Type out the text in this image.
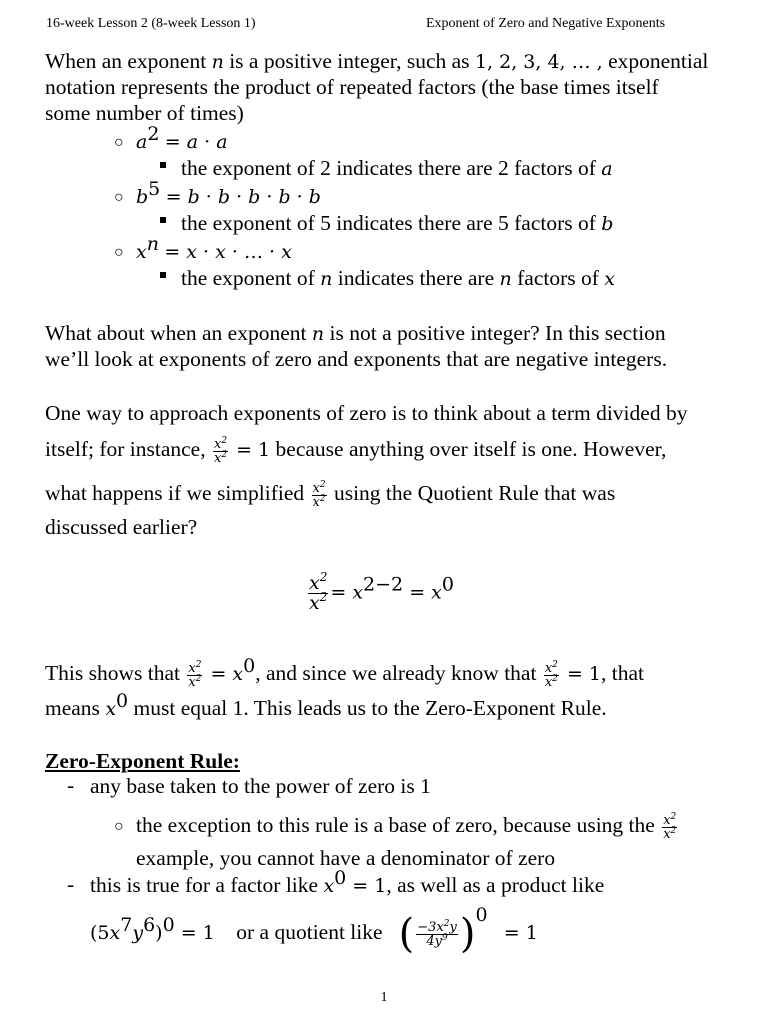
16-week Lesson 2 (8-week Lesson 1)	Exponent of Zero and Negative Exponents
When an exponent n is a positive integer, such as 1, 2, 3, 4, … , exponential
notation represents the product of repeated factors (the base times itself
some number of times)
○ $a^2 = a \cdot a$
the exponent of 2 indicates there are 2 factors of a
○ $b^5 = b \cdot b \cdot b \cdot b \cdot b$
the exponent of 5 indicates there are 5 factors of b
○ $x^n = x \cdot x$ · … · x
the exponent of n indicates there are n factors of x
What about when an exponent n is not a positive integer? In this section
we’ll look at exponents of zero and exponents that are negative integers.
One way to approach exponents of zero is to think about a term divided by
itself; for instance, $\frac{x^2}{x^2} = 1$ because anything over itself is one. However,
what happens if we simplified $\frac{x^2}{x^2}$ using the Quotient Rule that was
discussed earlier?
$\frac{x^2}{x^2} = x^{2-2} = x^0$
This shows that $\frac{x^2}{x^2} = x^0$, and since we already know that $\frac{x^2}{x^2} = 1$, that
means $x^0$ must equal 1. This leads us to the Zero-Exponent Rule.
Zero-Exponent Rule:
- any base taken to the power of zero is 1
○ the exception to this rule is a base of zero, because using the $\frac{x^2}{x^2}$
example, you cannot have a denominator of zero
- this is true for a factor like $x^0 = 1$, as well as a product like
$(5x^7y^6)^0 = 1$ or a quotient like ( $\frac{-3x^2y}{4y^9} )^0 = 1$
1
